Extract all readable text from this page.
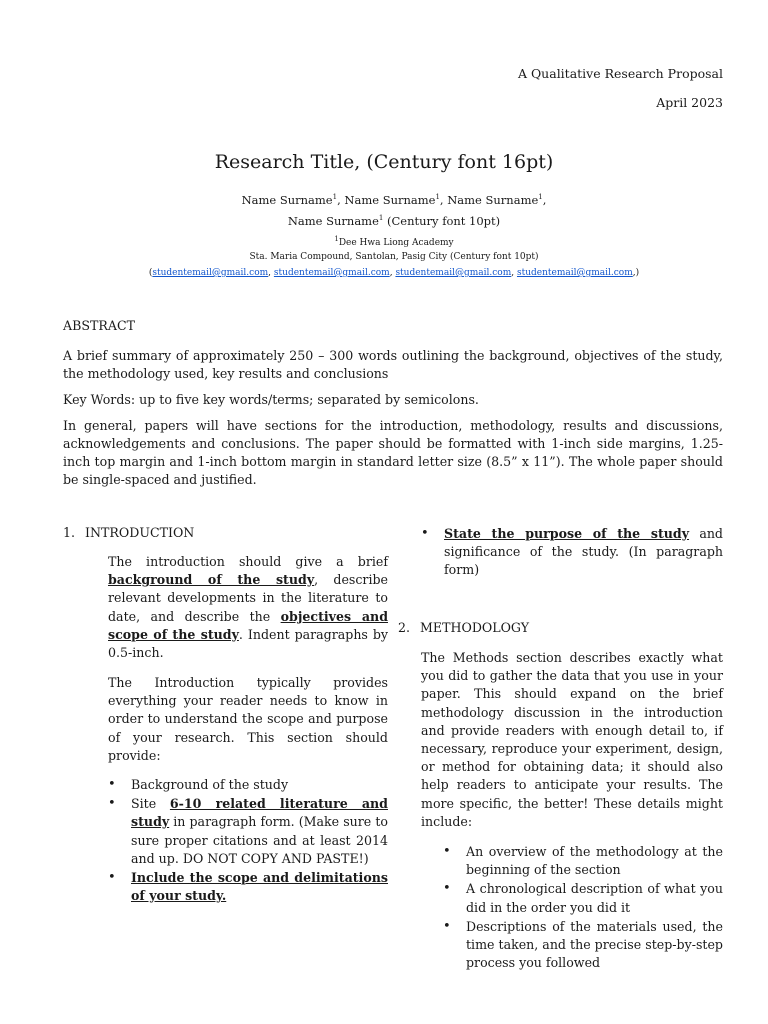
A Qualitative Research Proposal
April 2023
Research Title, (Century font 16pt)
Name Surname$^1$, Name Surname$^1$, Name Surname$^1$,
Name Surname$^1$ (Century font 10pt)
$^1$Dee Hwa Liong Academy
Sta. Maria Compound, Santolan, Pasig City (Century font 10pt)
(studentemail@gmail.com, studentemail@gmail.com, studentemail@gmail.com, studentemail@gmail.com,)
ABSTRACT
A brief summary of approximately 250 – 300 words outlining the background, objectives of the study, the methodology used, key results and conclusions
Key Words: up to five key words/terms; separated by semicolons.
In general, papers will have sections for the introduction, methodology, results and discussions, acknowledgements and conclusions. The paper should be formatted with 1-inch side margins, 1.25-inch top margin and 1-inch bottom margin in standard letter size (8.5” x 11”). The whole paper should be single-spaced and justified.
1. INTRODUCTION
The introduction should give a brief background of the study, describe relevant developments in the literature to date, and describe the objectives and scope of the study. Indent paragraphs by 0.5-inch.
The Introduction typically provides everything your reader needs to know in order to understand the scope and purpose of your research. This section should provide:
• Background of the study
• Site 6-10 related literature and study in paragraph form. (Make sure to sure proper citations and at least 2014 and up. DO NOT COPY AND PASTE!)
• Include the scope and delimitations of your study.
• State the purpose of the study and significance of the study. (In paragraph form)
2. METHODOLOGY
The Methods section describes exactly what you did to gather the data that you use in your paper. This should expand on the brief methodology discussion in the introduction and provide readers with enough detail to, if necessary, reproduce your experiment, design, or method for obtaining data; it should also help readers to anticipate your results. The more specific, the better! These details might include:
• An overview of the methodology at the beginning of the section
• A chronological description of what you did in the order you did it
• Descriptions of the materials used, the time taken, and the precise step-by-step process you followed
